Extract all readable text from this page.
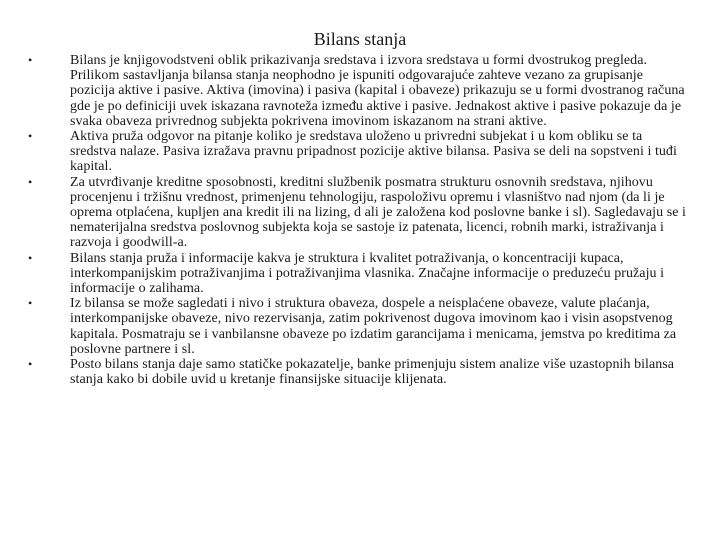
Bilans stanja
•	Bilans je knjigovodstveni oblik prikazivanja sredstava i izvora sredstava u formi dvostrukog pregleda. Prilikom sastavljanja bilansa stanja neophodno je ispuniti odgovarajuće zahteve vezano za grupisanje pozicija aktive i pasive. Aktiva (imovina) i pasiva (kapital i obaveze) prikazuju se u formi dvostranog računa gde je po definiciji uvek iskazana ravnoteža između aktive i pasive. Jednakost aktive i pasive pokazuje da je svaka obaveza privrednog subjekta pokrivena imovinom iskazanom na strani aktive.
•	Aktiva pruža odgovor na pitanje koliko je sredstava uloženo u privredni subjekat i u kom obliku se ta sredstva nalaze. Pasiva izražava pravnu pripadnost pozicije aktive bilansa. Pasiva se deli na sopstveni i tuđi kapital.
•	Za utvrđivanje kreditne sposobnosti, kreditni službenik posmatra strukturu osnovnih sredstava, njihovu procenjenu i tržišnu vrednost, primenjenu tehnologiju, raspoloživu opremu i vlasništvo nad njom (da li je oprema otplaćena, kupljen ana kredit ili na lizing, d ali je založena kod poslovne banke i sl). Sagledavaju se i nematerijalna sredstva poslovnog subjekta koja se sastoje iz patenata, licenci, robnih marki, istraživanja i razvoja i goodwill-a.
•	Bilans stanja pruža i informacije kakva je struktura i kvalitet potraživanja, o koncentraciji kupaca, interkompanijskim potraživanjima i potraživanjima vlasnika. Značajne informacije o preduzeću pružaju i informacije o zalihama.
•	Iz bilansa se može sagledati i nivo i struktura obaveza, dospele a neisplaćene obaveze, valute plaćanja, interkompanijske obaveze, nivo rezervisanja, zatim pokrivenost dugova imovinom kao i visin asopstvenog kapitala. Posmatraju se i vanbilansne obaveze po izdatim garancijama i menicama, jemstva po kreditima za poslovne partnere i sl.
•	Posto bilans stanja daje samo statičke pokazatelje, banke primenjuju sistem analize više uzastopnih bilansa stanja kako bi dobile uvid u kretanje finansijske situacije klijenata.
